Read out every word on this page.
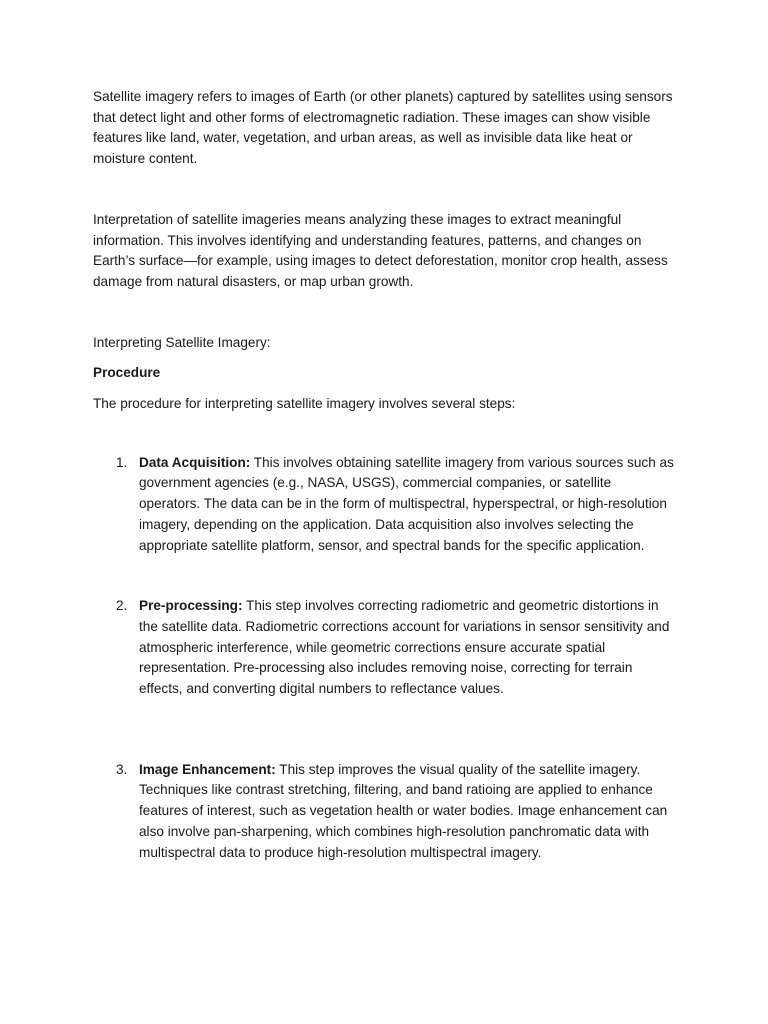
Satellite imagery refers to images of Earth (or other planets) captured by satellites using sensors that detect light and other forms of electromagnetic radiation. These images can show visible features like land, water, vegetation, and urban areas, as well as invisible data like heat or moisture content.

Interpretation of satellite imageries means analyzing these images to extract meaningful information. This involves identifying and understanding features, patterns, and changes on Earth’s surface—for example, using images to detect deforestation, monitor crop health, assess damage from natural disasters, or map urban growth.

Interpreting Satellite Imagery:

Procedure

The procedure for interpreting satellite imagery involves several steps:

1. Data Acquisition: This involves obtaining satellite imagery from various sources such as government agencies (e.g., NASA, USGS), commercial companies, or satellite operators. The data can be in the form of multispectral, hyperspectral, or high-resolution imagery, depending on the application. Data acquisition also involves selecting the appropriate satellite platform, sensor, and spectral bands for the specific application.
2. Pre-processing: This step involves correcting radiometric and geometric distortions in the satellite data. Radiometric corrections account for variations in sensor sensitivity and atmospheric interference, while geometric corrections ensure accurate spatial representation. Pre-processing also includes removing noise, correcting for terrain effects, and converting digital numbers to reflectance values.
3. Image Enhancement: This step improves the visual quality of the satellite imagery. Techniques like contrast stretching, filtering, and band ratioing are applied to enhance features of interest, such as vegetation health or water bodies. Image enhancement can also involve pan-sharpening, which combines high-resolution panchromatic data with multispectral data to produce high-resolution multispectral imagery.
